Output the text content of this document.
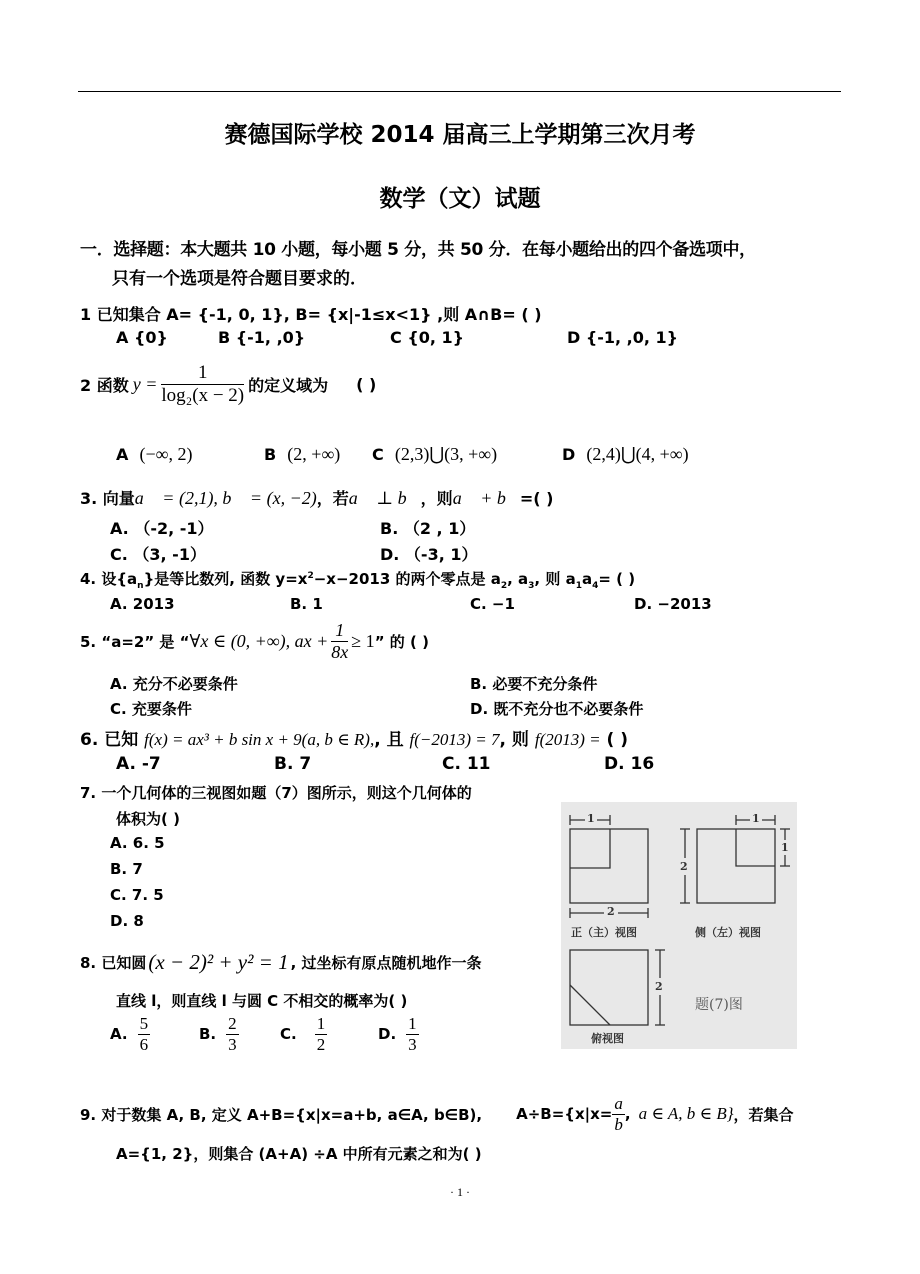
赛德国际学校 2014 届高三上学期第三次月考
数学（文）试题
一．选择题：本大题共 10 小题，每小题 5 分，共 50 分．在每小题给出的四个备选项中，
只有一个选项是符合题目要求的．
1 已知集合 A= {-1, 0, 1}, B= {x|-1≤x<1} ,则 A∩B= ( )
A {0}	B {-1, ,0}	C {0, 1}	D {-1, ,0, 1}
2 函数 $y = \frac{1}{\text{log₂(x − 2)}}$ 的定义域为 ( )
A (−∞, 2)	B (2, +∞) C (2,3)⋃(3, +∞)	D (2,4)⋃(4, +∞)
3. 向量a⃗ = (2,1), b⃗ = (x, −2)，若a⃗ ⊥ b⃗，则a⃗ + b⃗=( )
A. （-2, -1）	B. （2 , 1）
C. （3, -1）	D. （-3, 1）
4. 设$\{a_n\}$是等比数列, 函数 $y=x^2-x-2013$ 的两个零点是 $a_2$, $a_3$, 则 $a_1a_4=$ ( )
A. 2013	B. 1	C. −1	D. −2013
5. “a=2” 是 “ ∀x ∈ (0, +∞), ax + $\frac{1}{8x} \ge 1$ ” 的 ( )
A. 充分不必要条件	B. 必要不充分条件
C. 充要条件	D. 既不充分也不必要条件
6. 已知 f(x) = ax³ + b sin x + 9(a, b ∈ R),, 且 f(−2013) = 7, 则 f(2013) = ( )
A. -7	B. 7	C. 11	D. 16
7. 一个几何体的三视图如题（7）图所示，则这个几何体的
体积为( )
A. 6. 5
B. 7
C. 7. 5
D. 8
1
2
1
2
1
2
正（主）视图	侧（左）视图
俯视图
题(7)图
8. 已知圆 (x − 2)² + y² = 1 , 过坐标有原点随机地作一条
直线 l，则直线 l 与圆 C 不相交的概率为( )
A. $\frac{5}{6}$	B. $\frac{2}{3}$	C. $\frac{1}{2}$	D. $\frac{1}{3}$
9. 对于数集 A, B, 定义 A+B={x|x=a+b, a∈A, b∈B), $A\div B=\{x|x= \frac{a}{b}$ , a ∈ A, b ∈ B} ，若集合
A={1, 2}，则集合 (A+A) ÷A 中所有元素之和为( )
· 1 ·
